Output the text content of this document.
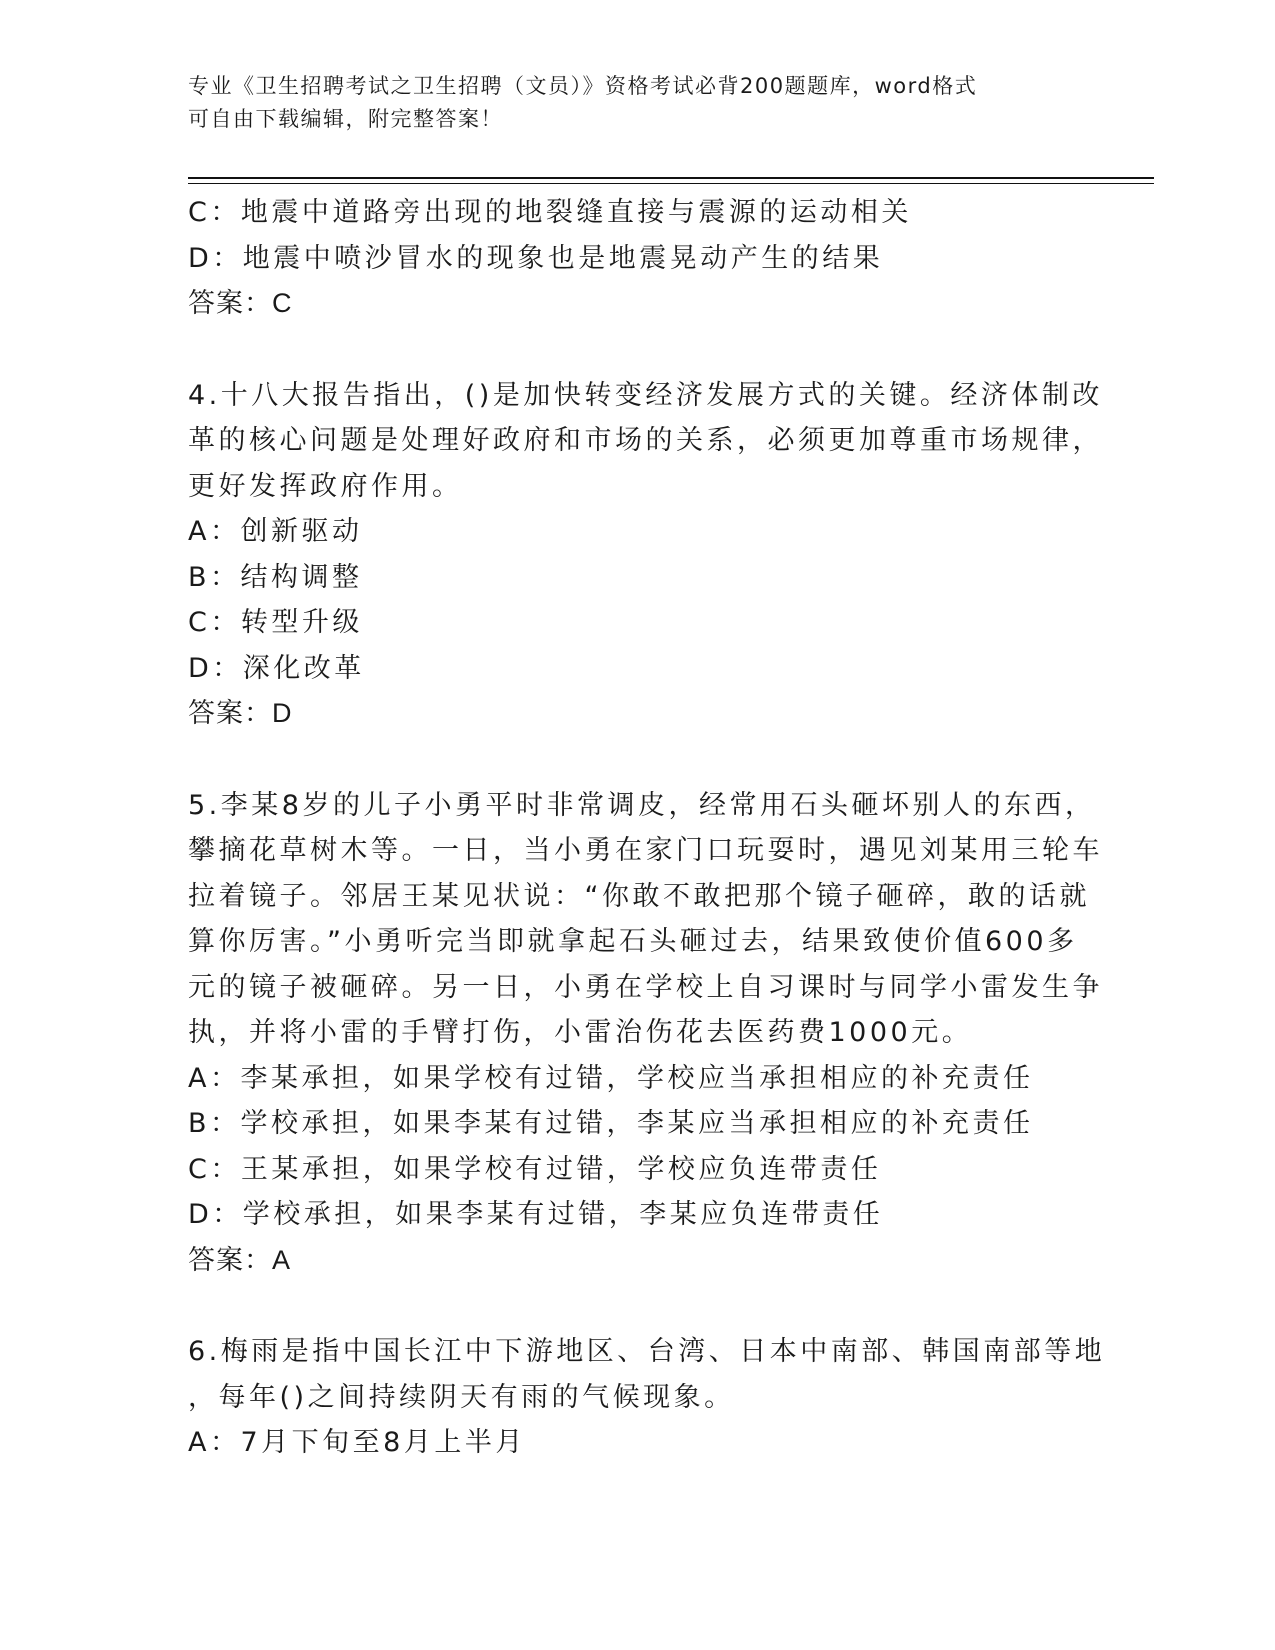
专业《卫生招聘考试之卫生招聘（文员）》资格考试必背200题题库，word格式
可自由下载编辑，附完整答案！
C：地震中道路旁出现的地裂缝直接与震源的运动相关
D：地震中喷沙冒水的现象也是地震晃动产生的结果
答案：C
4.十八大报告指出，()是加快转变经济发展方式的关键。经济体制改
革的核心问题是处理好政府和市场的关系，必须更加尊重市场规律，
更好发挥政府作用。
A：创新驱动
B：结构调整
C：转型升级
D：深化改革
答案：D
5.李某8岁的儿子小勇平时非常调皮，经常用石头砸坏别人的东西，
攀摘花草树木等。一日，当小勇在家门口玩耍时，遇见刘某用三轮车
拉着镜子。邻居王某见状说：“你敢不敢把那个镜子砸碎，敢的话就
算你厉害。”小勇听完当即就拿起石头砸过去，结果致使价值600多
元的镜子被砸碎。另一日，小勇在学校上自习课时与同学小雷发生争
执，并将小雷的手臂打伤，小雷治伤花去医药费1000元。
A：李某承担，如果学校有过错，学校应当承担相应的补充责任
B：学校承担，如果李某有过错，李某应当承担相应的补充责任
C：王某承担，如果学校有过错，学校应负连带责任
D：学校承担，如果李某有过错，李某应负连带责任
答案：A
6.梅雨是指中国长江中下游地区、台湾、日本中南部、韩国南部等地
，每年()之间持续阴天有雨的气候现象。
A：7月下旬至8月上半月
